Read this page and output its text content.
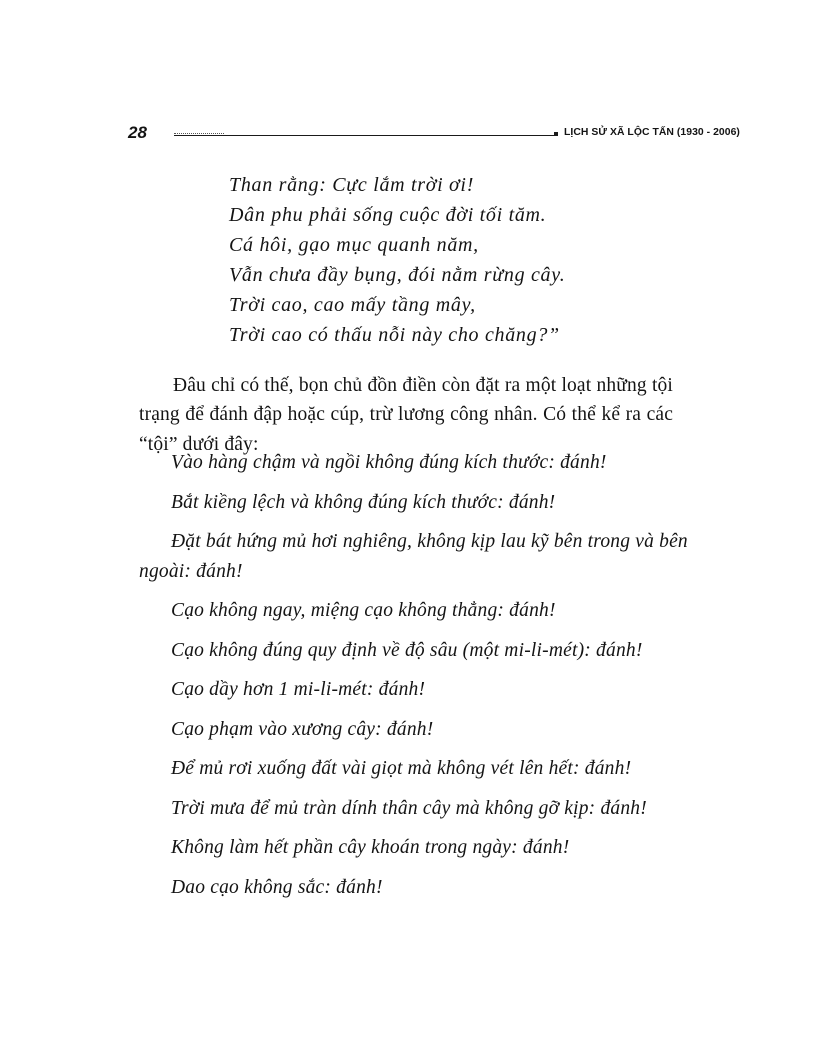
28	LỊCH SỬ XÃ LỘC TẤN (1930 - 2006)
Than rằng: Cực lắm trời ơi!
Dân phu phải sống cuộc đời tối tăm.
Cá hôi, gạo mục quanh năm,
Vẫn chưa đầy bụng, đói nằm rừng cây.
Trời cao, cao mấy tầng mây,
Trời cao có thấu nỗi này cho chăng?”

Đâu chỉ có thế, bọn chủ đồn điền còn đặt ra một loạt những tội trạng để đánh đập hoặc cúp, trừ lương công nhân. Có thể kể ra các “tội” dưới đây:

Vào hàng chậm và ngồi không đúng kích thước: đánh!

Bắt kiềng lệch và không đúng kích thước: đánh!

Đặt bát hứng mủ hơi nghiêng, không kịp lau kỹ bên trong và bên ngoài: đánh!

Cạo không ngay, miệng cạo không thẳng: đánh!

Cạo không đúng quy định về độ sâu (một mi-li-mét): đánh!

Cạo dầy hơn 1 mi-li-mét: đánh!

Cạo phạm vào xương cây: đánh!

Để mủ rơi xuống đất vài giọt mà không vét lên hết: đánh!

Trời mưa để mủ tràn dính thân cây mà không gỡ kịp: đánh!

Không làm hết phần cây khoán trong ngày: đánh!

Dao cạo không sắc: đánh!
